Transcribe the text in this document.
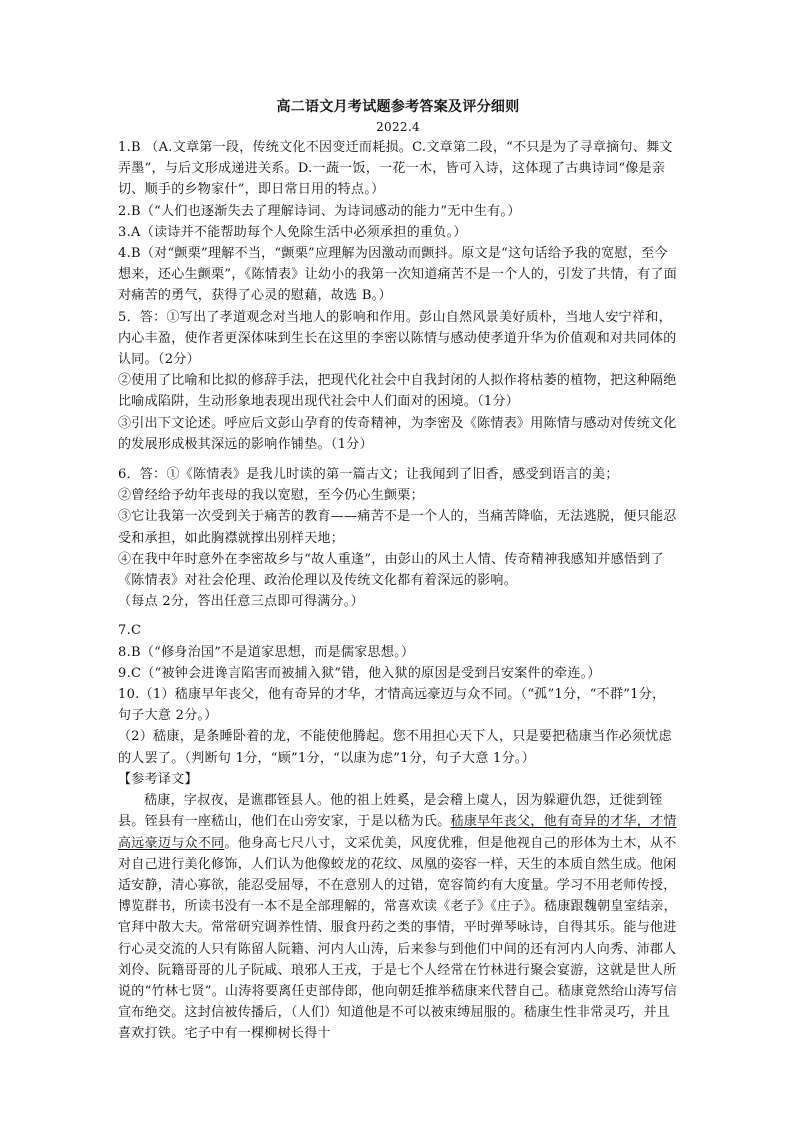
高二语文月考试题参考答案及评分细则

2022.4

1.B （A.文章第一段，传统文化不因变迁而耗损。C.文章第二段，“不只是为了寻章摘句、舞文弄墨”，与后文形成递进关系。D.一蔬一饭，一花一木，皆可入诗，这体现了古典诗词“像是亲切、顺手的乡物家什”，即日常日用的特点。）

2.B（“人们也逐渐失去了理解诗词、为诗词感动的能力”无中生有。）

3.A（读诗并不能帮助每个人免除生活中必须承担的重负。）

4.B（对“颤栗”理解不当，“颤栗”应理解为因激动而颤抖。原文是“这句话给予我的宽慰，至今想来，还心生颤栗”，《陈情表》让幼小的我第一次知道痛苦不是一个人的，引发了共情，有了面对痛苦的勇气，获得了心灵的慰藉，故选 B。）

5．答：①写出了孝道观念对当地人的影响和作用。彭山自然风景美好质朴，当地人安宁祥和，内心丰盈，使作者更深体味到生长在这里的李密以陈情与感动使孝道升华为价值观和对共同体的认同。（2分）

②使用了比喻和比拟的修辞手法，把现代化社会中自我封闭的人拟作将枯萎的植物，把这种隔绝比喻成陷阱，生动形象地表现出现代社会中人们面对的困境。（1分）

③引出下文论述。呼应后文彭山孕育的传奇精神，为李密及《陈情表》用陈情与感动对传统文化的发展形成极其深远的影响作铺垫。（1分）

6．答：①《陈情表》是我儿时读的第一篇古文；让我闻到了旧香，感受到语言的美；

②曾经给予幼年丧母的我以宽慰，至今仍心生颤栗；

③它让我第一次受到关于痛苦的教育——痛苦不是一个人的，当痛苦降临，无法逃脱，便只能忍受和承担，如此胸襟就撑出别样天地；

④在我中年时意外在李密故乡与“故人重逢”，由彭山的风土人情、传奇精神我感知并感悟到了《陈情表》对社会伦理、政治伦理以及传统文化都有着深远的影响。

（每点 2分，答出任意三点即可得满分。）

7.C

8.B（“修身治国”不是道家思想，而是儒家思想。）

9.C（“被钟会进谗言陷害而被捕入狱”错，他入狱的原因是受到吕安案件的牵连。）

10.（1）嵇康早年丧父，他有奇异的才华，才情高远豪迈与众不同。（“孤”1分，“不群”1分，句子大意 2分。）

（2）嵇康，是条睡卧着的龙，不能使他腾起。您不用担心天下人，只是要把嵇康当作必须忧虑的人罢了。（判断句 1分，“顾”1分，“以康为虑”1分，句子大意 1分。）

【参考译文】

嵇康，字叔夜，是谯郡铚县人。他的祖上姓奚，是会稽上虞人，因为躲避仇怨，迁徙到铚县。铚县有一座嵇山，他们在山旁安家，于是以嵇为氏。嵇康早年丧父，他有奇异的才华，才情高远豪迈与众不同。他身高七尺八寸，文采优美，风度优雅，但是他视自己的形体为土木，从不对自己进行美化修饰，人们认为他像蛟龙的花纹、凤凰的姿容一样，天生的本质自然生成。他闲适安静，清心寡欲，能忍受屈辱，不在意别人的过错，宽容简约有大度量。学习不用老师传授，博览群书，所读书没有一本不是全部理解的，常喜欢读《老子》《庄子》。嵇康跟魏朝皇室结亲，官拜中散大夫。常常研究调养性情、服食丹药之类的事情，平时弹琴咏诗，自得其乐。能与他进行心灵交流的人只有陈留人阮籍、河内人山涛，后来参与到他们中间的还有河内人向秀、沛郡人刘伶、阮籍哥哥的儿子阮咸、琅邪人王戎，于是七个人经常在竹林进行聚会宴游，这就是世人所说的“竹林七贤”。山涛将要离任吏部侍郎，他向朝廷推举嵇康来代替自己。嵇康竟然给山涛写信宣布绝交。这封信被传播后，（人们）知道他是不可以被束缚屈服的。嵇康生性非常灵巧，并且喜欢打铁。宅子中有一棵柳树长得十
